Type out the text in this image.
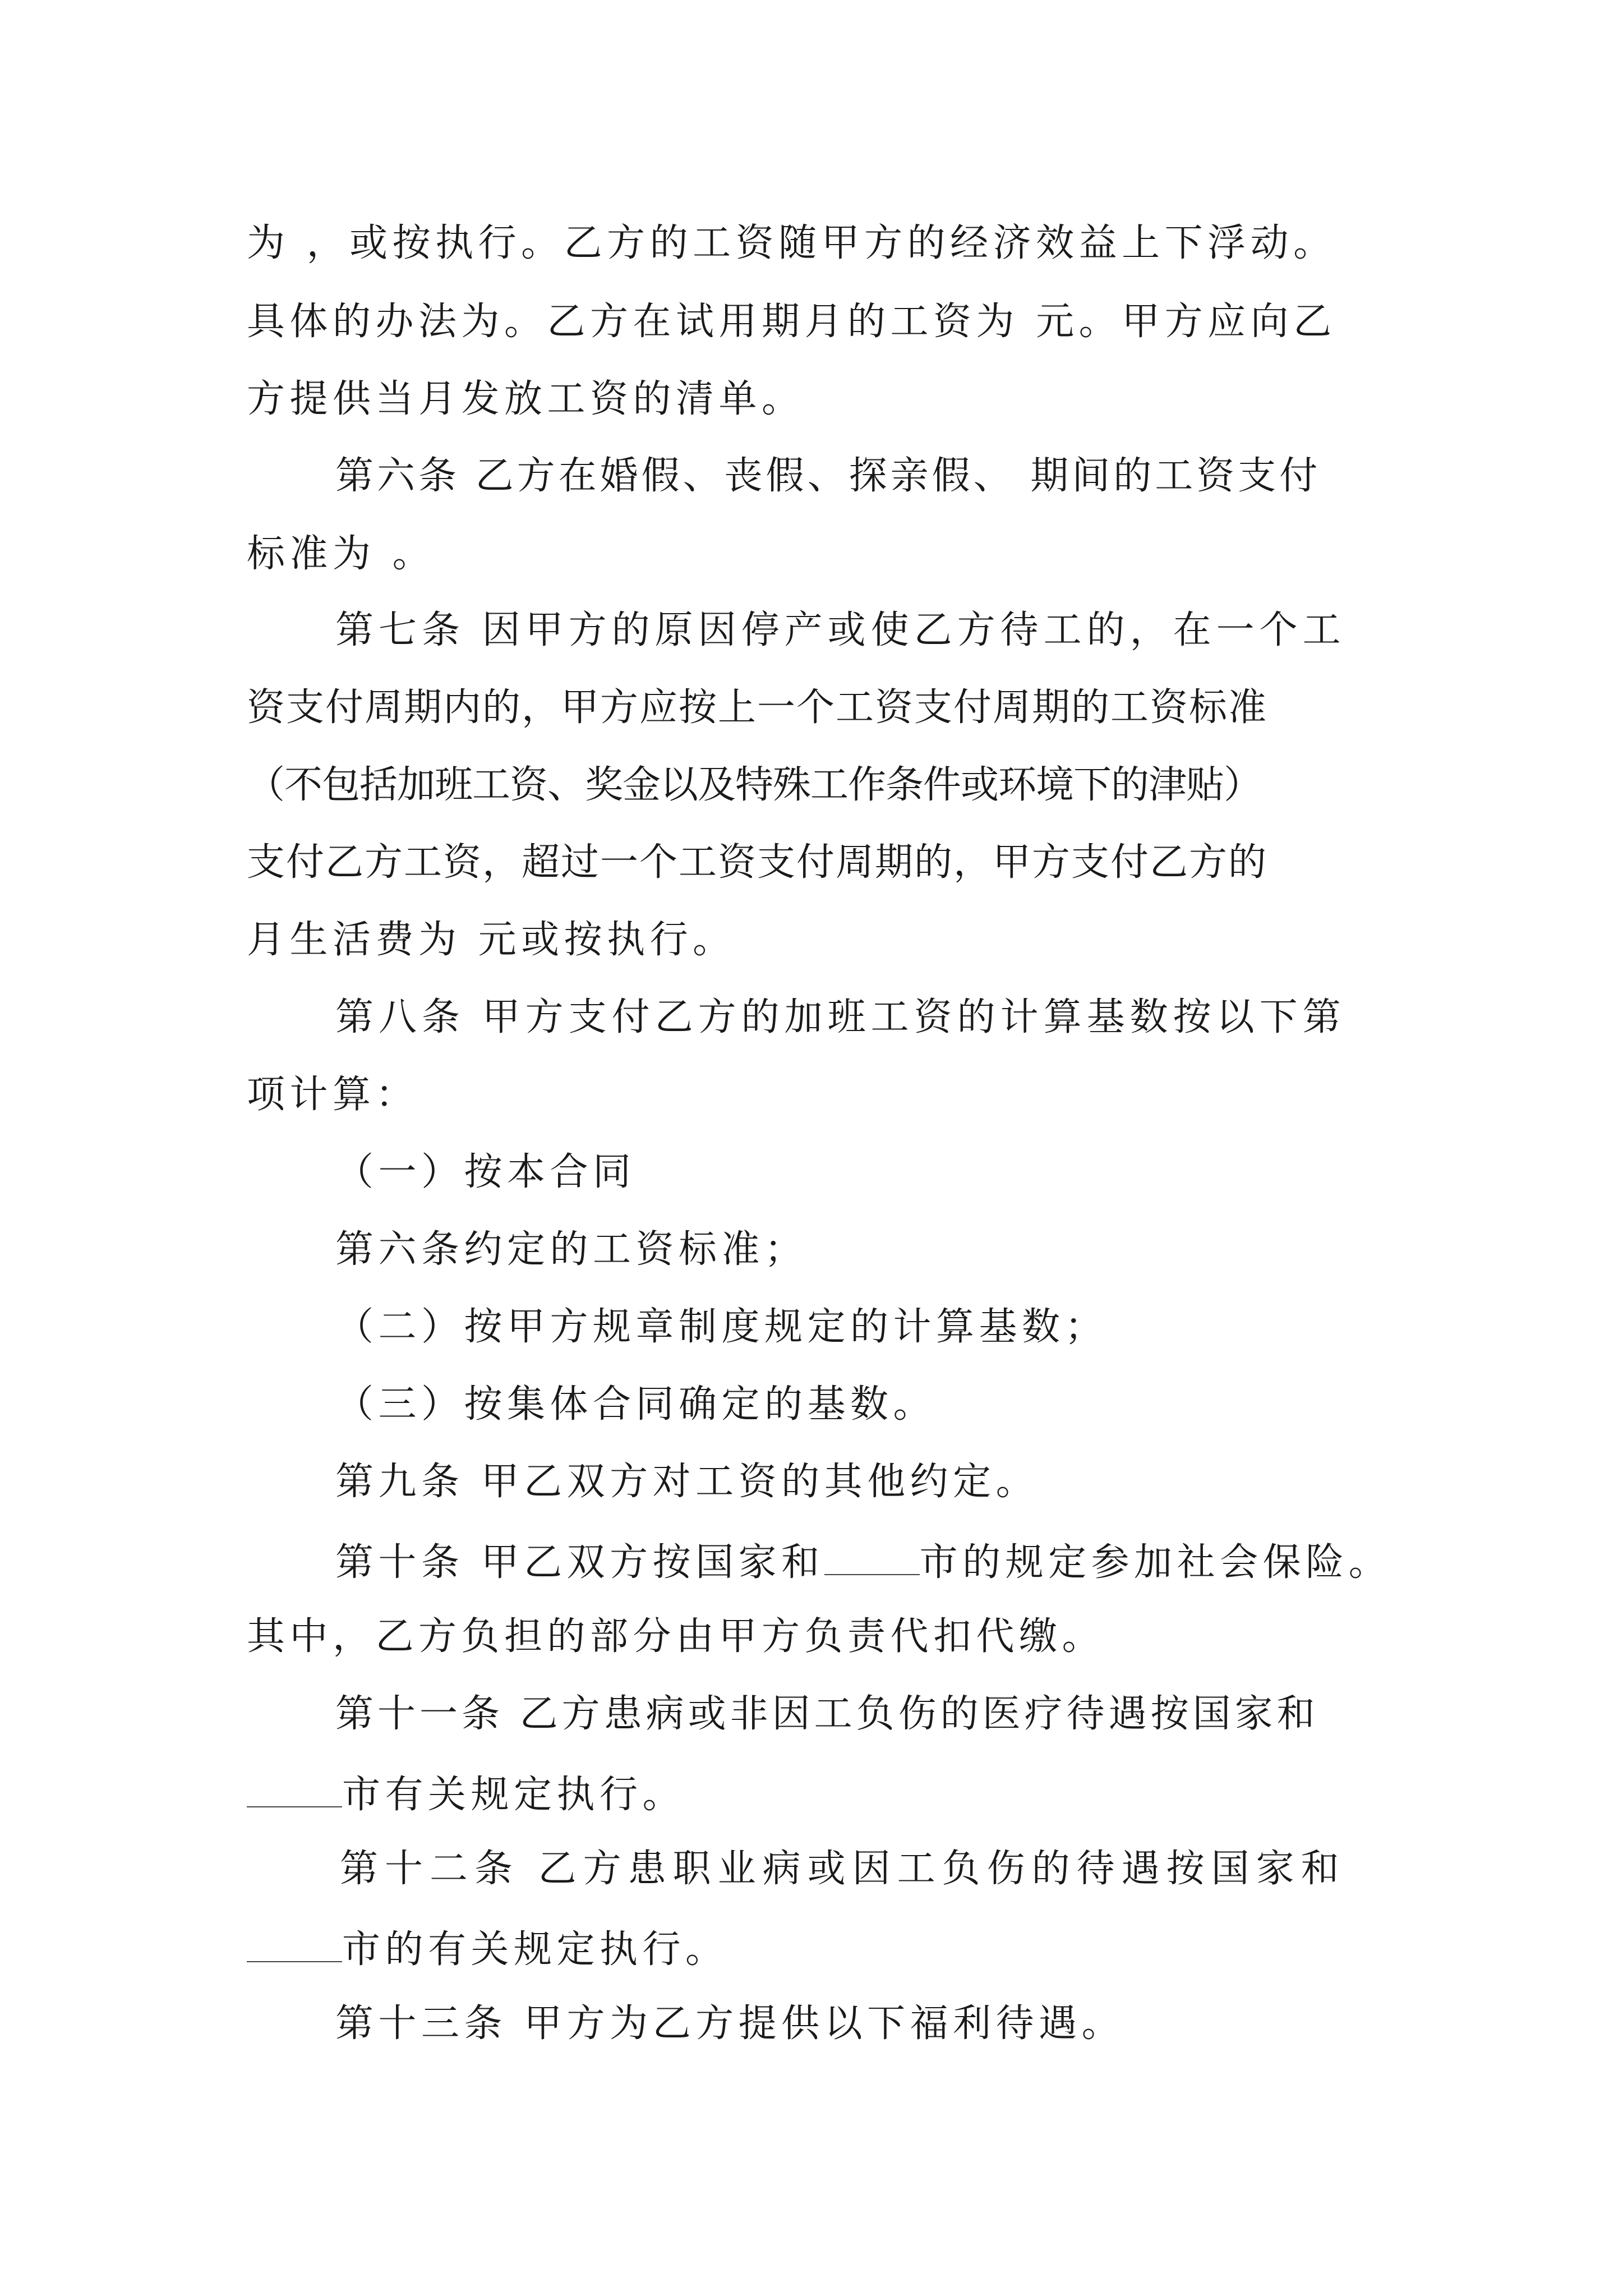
为 ，或按执行。乙方的工资随甲方的经济效益上下浮动。
具体的办法为。乙方在试用期月的工资为 元。甲方应向乙
方提供当月发放工资的清单。
第六条 乙方在婚假、丧假、探亲假、 期间的工资支付
标准为 。
第七条 因甲方的原因停产或使乙方待工的，在一个工
资支付周期内的，甲方应按上一个工资支付周期的工资标准
（不包括加班工资、奖金以及特殊工作条件或环境下的津贴）
支付乙方工资，超过一个工资支付周期的，甲方支付乙方的
月生活费为 元或按执行。
第八条 甲方支付乙方的加班工资的计算基数按以下第
项计算：
（一）按本合同
第六条约定的工资标准；
（二）按甲方规章制度规定的计算基数；
（三）按集体合同确定的基数。
第九条 甲乙双方对工资的其他约定。
第十条 甲乙双方按国家和	市的规定参加社会保险。
其中，乙方负担的部分由甲方负责代扣代缴。
第十一条 乙方患病或非因工负伤的医疗待遇按国家和
市有关规定执行。
第十二条 乙方患职业病或因工负伤的待遇按国家和
市的有关规定执行。
第十三条 甲方为乙方提供以下福利待遇。
